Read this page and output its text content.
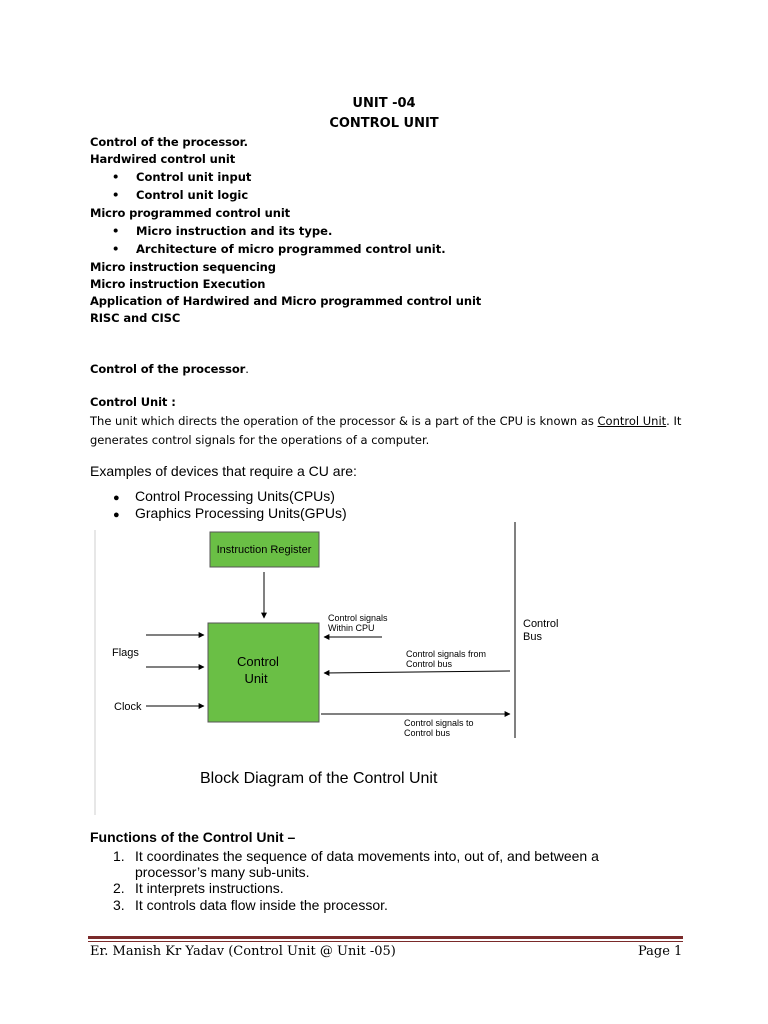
UNIT -04
CONTROL UNIT
Control of the processor.
Hardwired control unit
• Control unit input
• Control unit logic
Micro programmed control unit
• Micro instruction and its type.
• Architecture of micro programmed control unit.
Micro instruction sequencing
Micro instruction Execution
Application of Hardwired and Micro programmed control unit
RISC and CISC
Control of the processor.
Control Unit :
The unit which directs the operation of the processor & is a part of the CPU is known as Control Unit. It generates control signals for the operations of a computer.
Examples of devices that require a CU are:
● Control Processing Units(CPUs)
● Graphics Processing Units(GPUs)
Instruction Register
Control
Unit
Flags
Clock
Control signals
Within CPU
Control signals from
Control bus
Control signals to
Control bus
Control
Bus
Block Diagram of the Control Unit
Functions of the Control Unit –
1. It coordinates the sequence of data movements into, out of, and between a processor’s many sub-units.
2. It interprets instructions.
3. It controls data flow inside the processor.
Er. Manish Kr Yadav (Control Unit @ Unit -05)	Page 1
